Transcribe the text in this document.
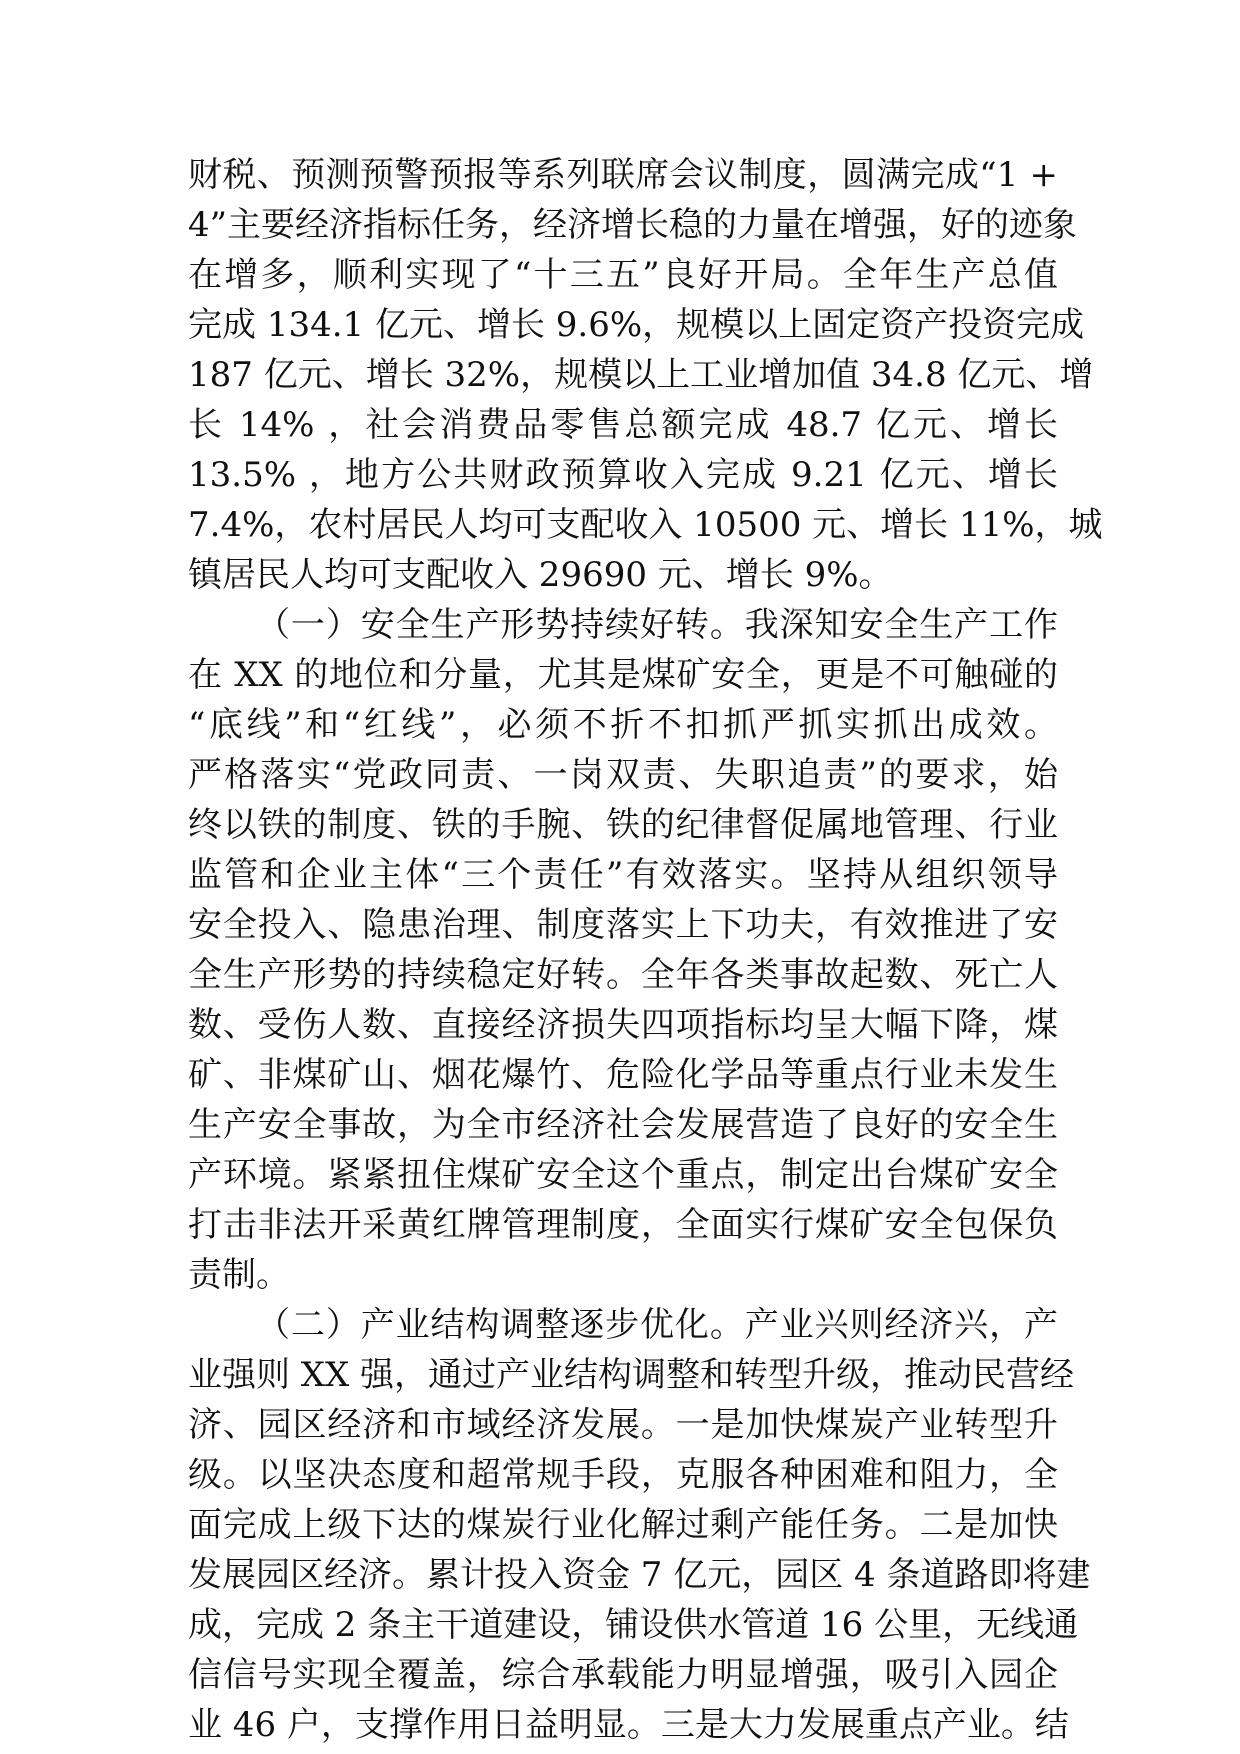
财税、预测预警预报等系列联席会议制度，圆满完成“1 +
4”主要经济指标任务，经济增长稳的力量在增强，好的迹象
在增多，顺利实现了“十三五”良好开局。全年生产总值
完成 134.1 亿元、增长 9.6%，规模以上固定资产投资完成
187 亿元、增长 32%，规模以上工业增加值 34.8 亿元、增
长 14% ，社会消费品零售总额完成 48.7 亿元、增长
13.5% ，地方公共财政预算收入完成 9.21 亿元、增长
7.4%，农村居民人均可支配收入 10500 元、增长 11%，城
镇居民人均可支配收入 29690 元、增长 9%。
（一）安全生产形势持续好转。我深知安全生产工作
在 XX 的地位和分量，尤其是煤矿安全，更是不可触碰的
“底线”和“红线”，必须不折不扣抓严抓实抓出成效。
严格落实“党政同责、一岗双责、失职追责”的要求，始
终以铁的制度、铁的手腕、铁的纪律督促属地管理、行业
监管和企业主体“三个责任”有效落实。坚持从组织领导
安全投入、隐患治理、制度落实上下功夫，有效推进了安
全生产形势的持续稳定好转。全年各类事故起数、死亡人
数、受伤人数、直接经济损失四项指标均呈大幅下降，煤
矿、非煤矿山、烟花爆竹、危险化学品等重点行业未发生
生产安全事故，为全市经济社会发展营造了良好的安全生
产环境。紧紧扭住煤矿安全这个重点，制定出台煤矿安全
打击非法开采黄红牌管理制度，全面实行煤矿安全包保负
责制。
（二）产业结构调整逐步优化。产业兴则经济兴，产
业强则 XX 强，通过产业结构调整和转型升级，推动民营经
济、园区经济和市域经济发展。一是加快煤炭产业转型升
级。以坚决态度和超常规手段，克服各种困难和阻力，全
面完成上级下达的煤炭行业化解过剩产能任务。二是加快
发展园区经济。累计投入资金 7 亿元，园区 4 条道路即将建
成，完成 2 条主干道建设，铺设供水管道 16 公里，无线通
信信号实现全覆盖，综合承载能力明显增强，吸引入园企
业 46 户，支撑作用日益明显。三是大力发展重点产业。结
